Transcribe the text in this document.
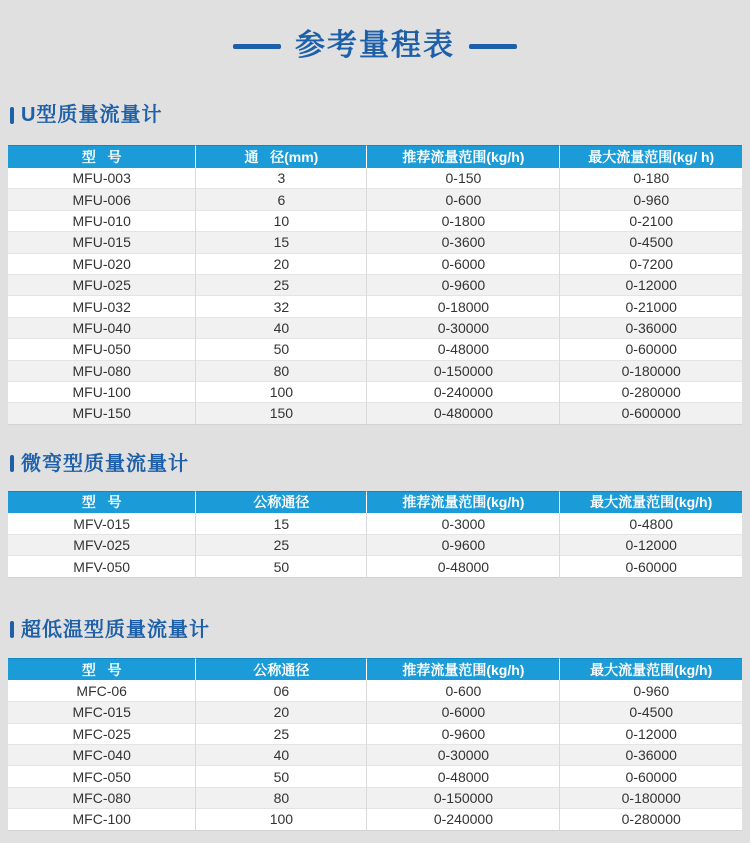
参考量程表
U型质量流量计
型   号	通   径(mm)	推荐流量范围(kg/h)	最大流量范围(kg/ h)
MFU-003	3	0-150	0-180
MFU-006	6	0-600	0-960
MFU-010	10	0-1800	0-2100
MFU-015	15	0-3600	0-4500
MFU-020	20	0-6000	0-7200
MFU-025	25	0-9600	0-12000
MFU-032	32	0-18000	0-21000
MFU-040	40	0-30000	0-36000
MFU-050	50	0-48000	0-60000
MFU-080	80	0-150000	0-180000
MFU-100	100	0-240000	0-280000
MFU-150	150	0-480000	0-600000
微弯型质量流量计
型   号	公称通径	推荐流量范围(kg/h)	最大流量范围(kg/h)
MFV-015	15	0-3000	0-4800
MFV-025	25	0-9600	0-12000
MFV-050	50	0-48000	0-60000
超低温型质量流量计
型   号	公称通径	推荐流量范围(kg/h)	最大流量范围(kg/h)
MFC-06	06	0-600	0-960
MFC-015	20	0-6000	0-4500
MFC-025	25	0-9600	0-12000
MFC-040	40	0-30000	0-36000
MFC-050	50	0-48000	0-60000
MFC-080	80	0-150000	0-180000
MFC-100	100	0-240000	0-280000
